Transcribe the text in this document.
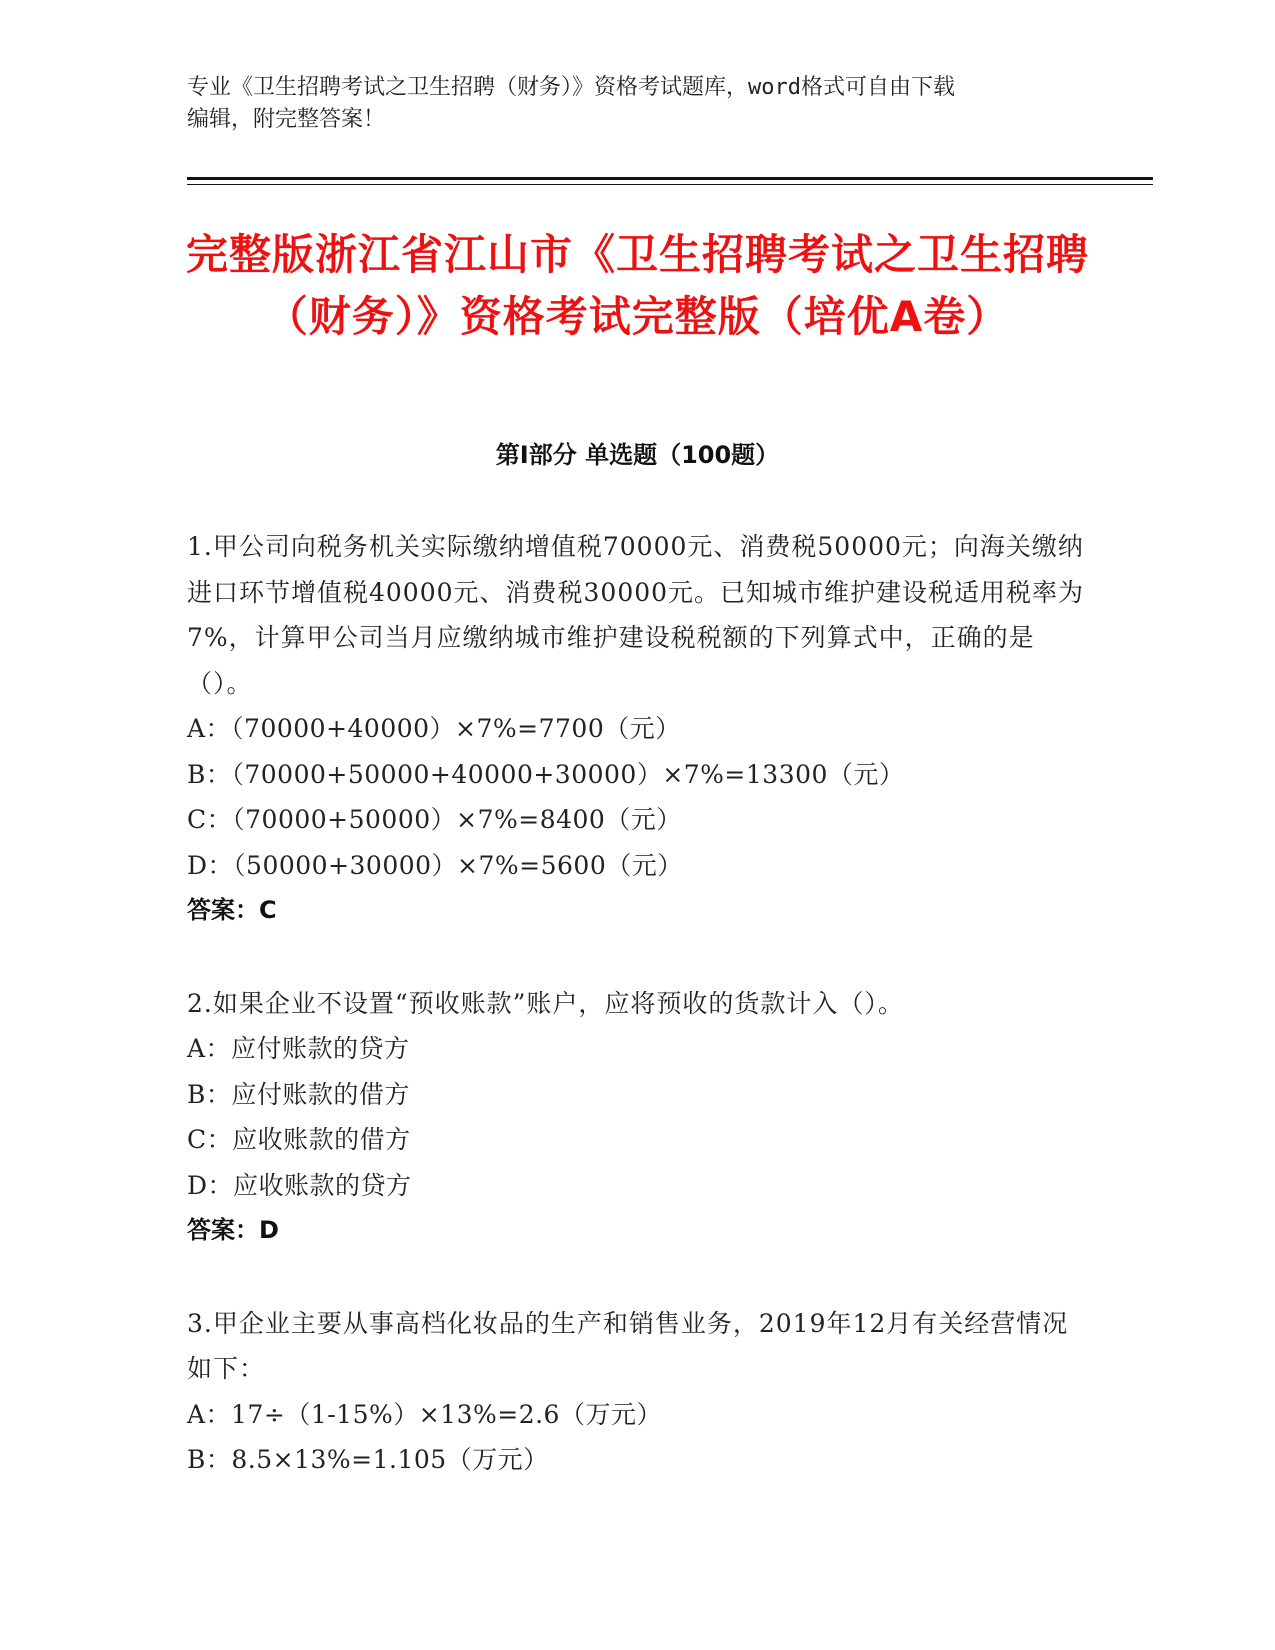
专业《卫生招聘考试之卫生招聘（财务）》资格考试题库，word格式可自由下载
编辑，附完整答案！
完整版浙江省江山市《卫生招聘考试之卫生招聘（财务）》资格考试完整版（培优A卷）
第Ⅰ部分 单选题（100题）

1.甲公司向税务机关实际缴纳增值税70000元、消费税50000元；向海关缴纳进口环节增值税40000元、消费税30000元。已知城市维护建设税适用税率为7%，计算甲公司当月应缴纳城市维护建设税税额的下列算式中，正确的是（）。

A：（70000+40000）×7%=7700（元）

B：（70000+50000+40000+30000）×7%=13300（元）

C：（70000+50000）×7%=8400（元）

D：（50000+30000）×7%=5600（元）

答案：C

2.如果企业不设置“预收账款”账户，应将预收的货款计入（）。

A：应付账款的贷方

B：应付账款的借方

C：应收账款的借方

D：应收账款的贷方

答案：D

3.甲企业主要从事高档化妆品的生产和销售业务，2019年12月有关经营情况如下：

A：17÷（1-15%）×13%=2.6（万元）

B：8.5×13%=1.105（万元）
